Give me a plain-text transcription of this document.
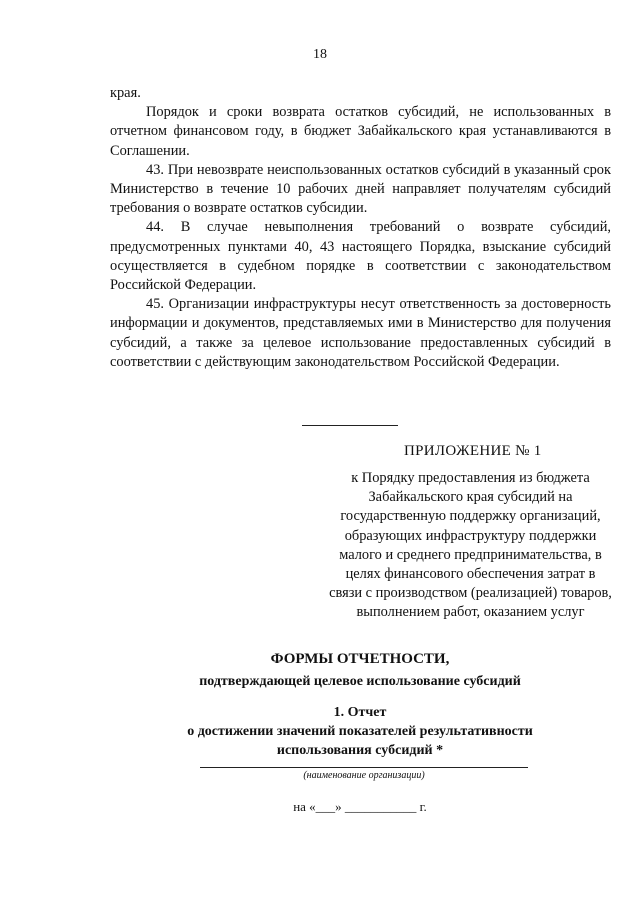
18

края.

Порядок и сроки возврата остатков субсидий, не использованных в отчетном финансовом году, в бюджет Забайкальского края устанавливаются в Соглашении.

43. При невозврате неиспользованных остатков субсидий в указанный срок Министерство в течение 10 рабочих дней направляет получателям субсидий требования о возврате остатков субсидии.

44. В случае невыполнения требований о возврате субсидий, предусмотренных пунктами 40, 43 настоящего Порядка, взыскание субсидий осуществляется в судебном порядке в соответствии с законодательством Российской Федерации.

45. Организации инфраструктуры несут ответственность за достоверность информации и документов, представляемых ими в Министерство для получения субсидий, а также за целевое использование предоставленных субсидий в соответствии с действующим законодательством Российской Федерации.

ПРИЛОЖЕНИЕ № 1
к Порядку предоставления из бюджета Забайкальского края субсидий на государственную поддержку организаций, образующих инфраструктуру поддержки малого и среднего предпринимательства, в целях финансового обеспечения затрат в связи с производством (реализацией) товаров, выполнением работ, оказанием услуг
ФОРМЫ ОТЧЕТНОСТИ,
подтверждающей целевое использование субсидий
1. Отчет
о достижении значений показателей результативности
использования субсидий *
(наименование организации)
на «___» ___________ г.
